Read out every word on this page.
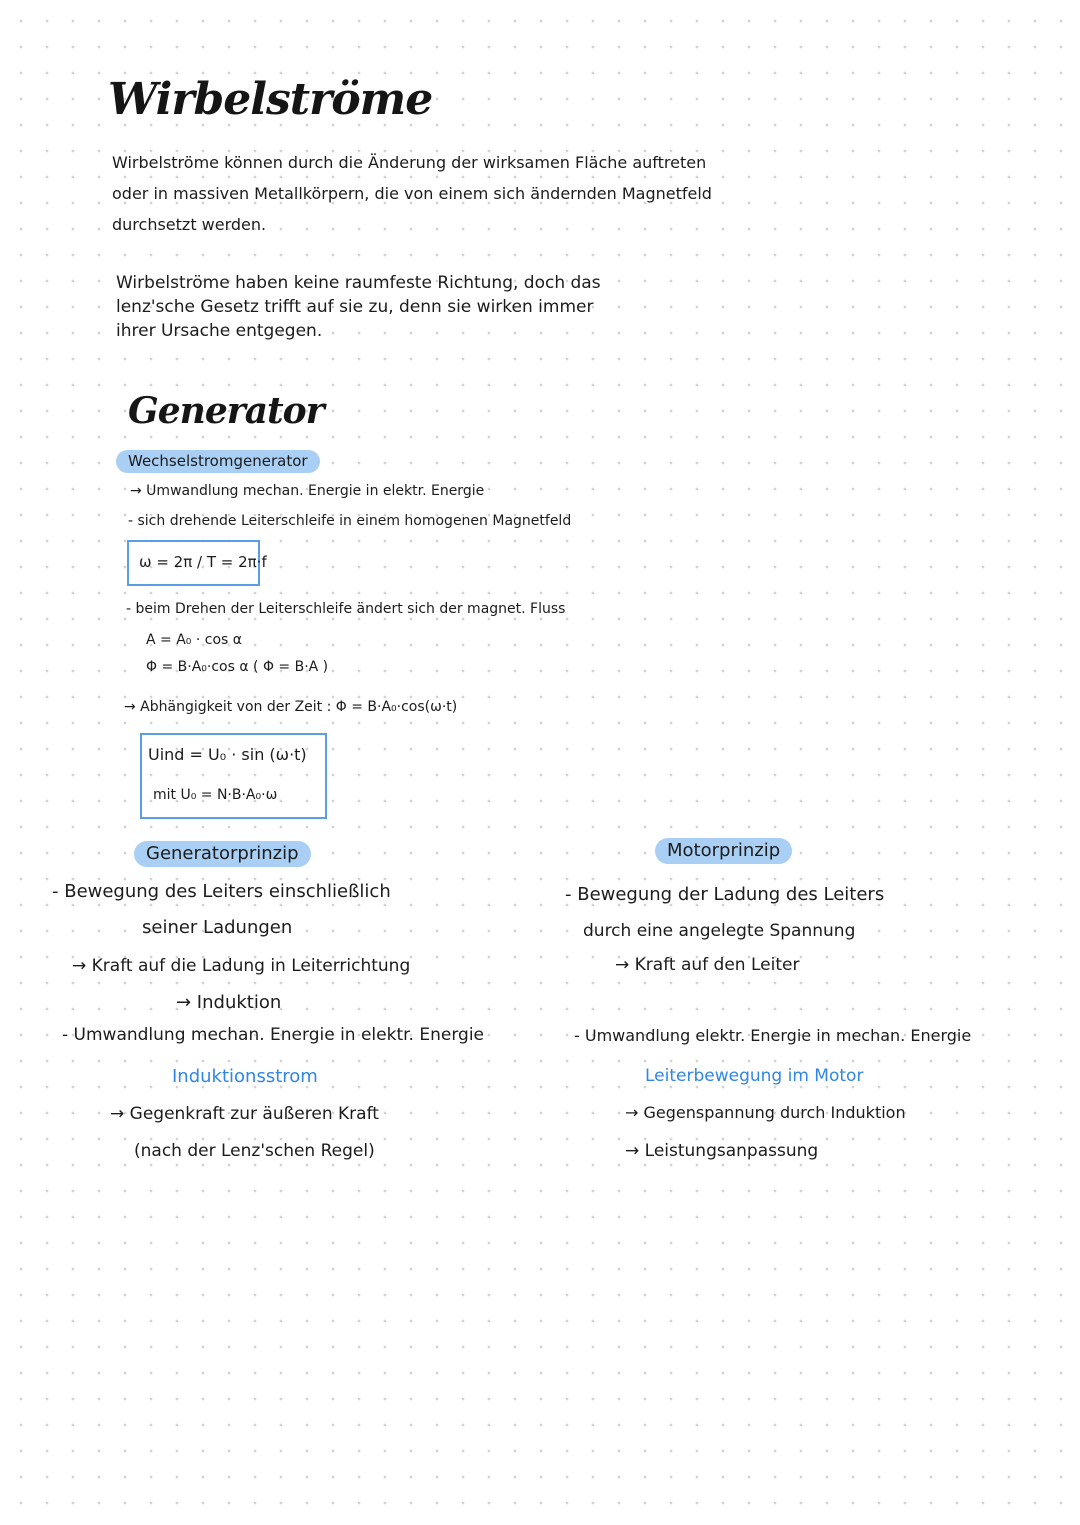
Wirbelströme
Wirbelströme können durch die Änderung der wirksamen Fläche auftreten
oder in massiven Metallkörpern, die von einem sich ändernden Magnetfeld
durchsetzt werden.
Wirbelströme haben keine raumfeste Richtung, doch das
lenz'sche Gesetz trifft auf sie zu, denn sie wirken immer
ihrer Ursache entgegen.
Generator
Wechselstromgenerator
→ Umwandlung mechan. Energie in elektr. Energie
- sich drehende Leiterschleife in einem homogenen Magnetfeld
ω = 2π / T = 2π·f
- beim Drehen der Leiterschleife ändert sich der magnet. Fluss
A = A₀ · cos α
Φ = B·A₀·cos α ( Φ = B·A )
→ Abhängigkeit von der Zeit : Φ = B·A₀·cos(ω·t)
Uind = U₀ · sin (ω·t)
mit U₀ = N·B·A₀·ω
Generatorprinzip
- Bewegung des Leiters einschließlich
seiner Ladungen
→ Kraft auf die Ladung in Leiterrichtung
→ Induktion
- Umwandlung mechan. Energie in elektr. Energie
Induktionsstrom
→ Gegenkraft zur äußeren Kraft
(nach der Lenz'schen Regel)
Motorprinzip
- Bewegung der Ladung des Leiters
durch eine angelegte Spannung
→ Kraft auf den Leiter
- Umwandlung elektr. Energie in mechan. Energie
Leiterbewegung im Motor
→ Gegenspannung durch Induktion
→ Leistungsanpassung
